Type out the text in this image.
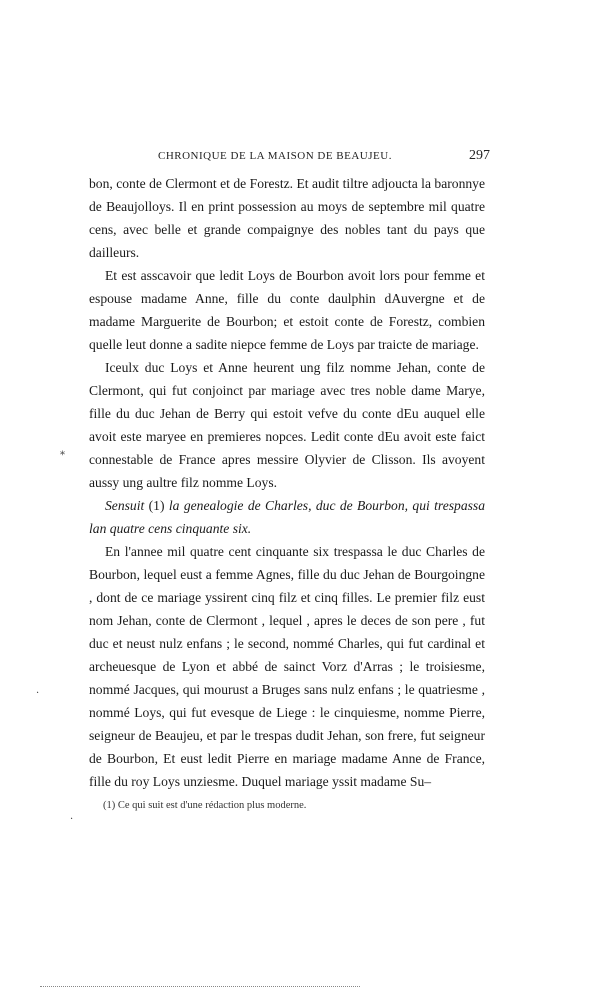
CHRONIQUE DE LA MAISON DE BEAUJEU.	297

bon, conte de Clermont et de Forestz. Et audit tiltre adjoucta la baronnye de Beaujolloys. Il en print possession au moys de septembre mil quatre cens, avec belle et grande compaignye des nobles tant du pays que dailleurs.

Et est asscavoir que ledit Loys de Bourbon avoit lors pour femme et espouse madame Anne, fille du conte daulphin dAuvergne et de madame Marguerite de Bourbon; et estoit conte de Forestz, combien quelle leut donne a sadite niepce femme de Loys par traicte de mariage.

Iceulx duc Loys et Anne heurent ung filz nomme Jehan, conte de Clermont, qui fut conjoinct par mariage avec tres noble dame Marye, fille du duc Jehan de Berry qui estoit vefve du conte dEu auquel elle avoit este maryee en premieres nopces. Ledit conte dEu avoit este faict connestable de France apres messire Olyvier de Clisson. Ils avoyent aussy ung aultre filz nomme Loys.

Sensuit (1) la genealogie de Charles, duc de Bourbon, qui trespassa lan quatre cens cinquante six.

En l'annee mil quatre cent cinquante six trespassa le duc Charles de Bourbon, lequel eust a femme Agnes, fille du duc Jehan de Bourgoingne , dont de ce mariage yssirent cinq filz et cinq filles. Le premier filz eust nom Jehan, conte de Clermont , lequel , apres le deces de son pere , fut duc et neust nulz enfans ; le second, nommé Charles, qui fut cardinal et archeuesque de Lyon et abbé de sainct Vorz d'Arras ; le troisiesme, nommé Jacques, qui mourust a Bruges sans nulz enfans ; le quatriesme , nommé Loys, qui fut evesque de Liege : le cinquiesme, nomme Pierre, seigneur de Beaujeu, et par le trespas dudit Jehan, son frere, fut seigneur de Bourbon, Et eust ledit Pierre en mariage madame Anne de France, fille du roy Loys unziesme. Duquel mariage yssit madame Su–

(1) Ce qui suit est d'une rédaction plus moderne.
*
·
·
